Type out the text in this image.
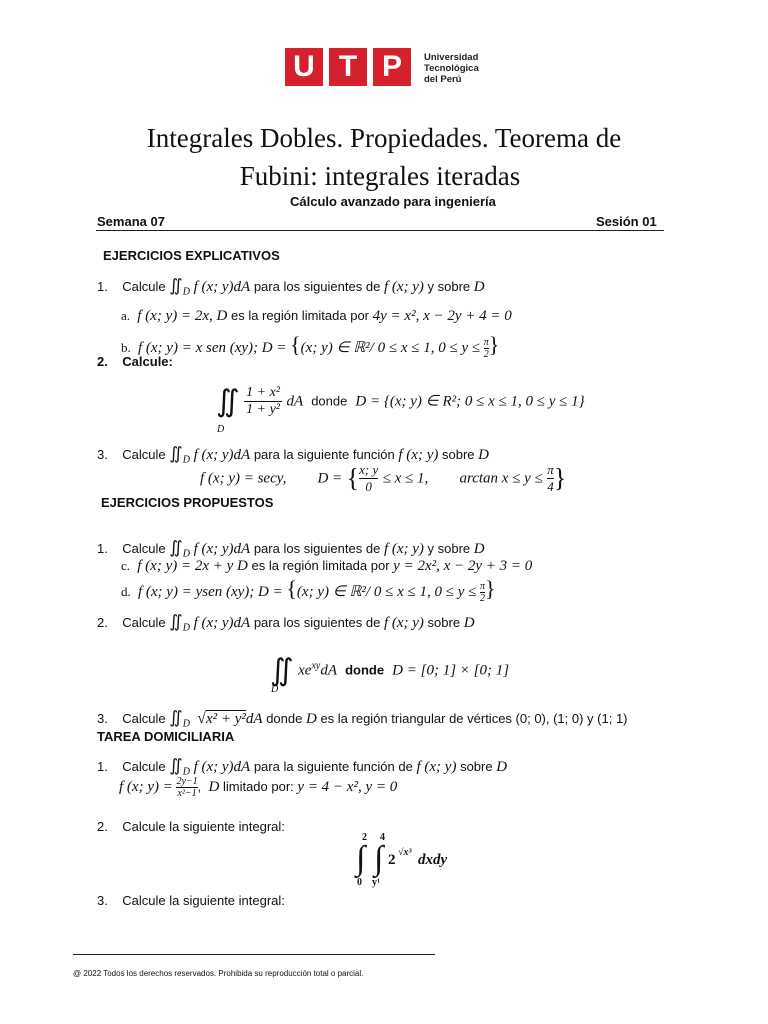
U T P	Universidad
Tecnológica
del Perú
Integrales Dobles. Propiedades. Teorema de
Fubini: integrales iteradas
Cálculo avanzado para ingeniería
Semana 07	Sesión 01
EJERCICIOS EXPLICATIVOS
1. Calcule $∬_D$ f (x; y)dA para los siguientes de f (x; y) y sobre D
a. f (x; y) = 2x, D es la región limitada por 4y = x², x − 2y + 4 = 0
b. f (x; y) = x sen (xy); D = {(x; y) ∈ ℝ²/ 0 ≤ x ≤ 1, $0 \le y \le \frac{\pi}{2}$ }
2. Calcule:
∬ $\frac{\text{1 + x²}}{\text{1 + y²}}$ dA donde D = {(x; y) ∈ R²; 0 ≤ x ≤ 1, 0 ≤ y ≤ 1}
D
3. Calcule $∬_D$ f (x; y)dA para la siguiente función f (x; y) sobre D
f (x; y) = secy, D = { $\frac{x; y}{0} \le x \le 1$, $\arctan x \le y \le \frac{\pi}{4}$ }
EJERCICIOS PROPUESTOS
1. Calcule $∬_D$ f (x; y)dA para los siguientes de f (x; y) y sobre D
c. f (x; y) = 2x + y D es la región limitada por y = 2x², x − 2y + 3 = 0
d. f (x; y) = ysen (xy); D = {(x; y) ∈ ℝ²/ 0 ≤ x ≤ 1, $0 \le y \le \frac{\pi}{2}$ }
2. Calcule $∬_D$ f (x; y)dA para los siguientes de f (x; y) sobre D
∬ $xe^{xy}dA$ donde D = [0; 1] × [0; 1]
D
3. Calcule $∬_D$ √x² + y²dA donde D es la región triangular de vértices (0; 0), (1; 0) y (1; 1)
TAREA DOMICILIARIA
1. Calcule $∬_D$ f (x; y)dA para la siguiente función de f (x; y) sobre D
f (x; $y) = \frac{2y-1}{\text{x²−1}}$ ,  D limitado por: y = 4 − x², y = 0
2. Calcule la siguiente integral:
2
∫
0
4
∫
y¹
2 √x³ dxdy
3. Calcule la siguiente integral:
@ 2022 Todos los derechos reservados. Prohibida su reproducción total o parcial.
